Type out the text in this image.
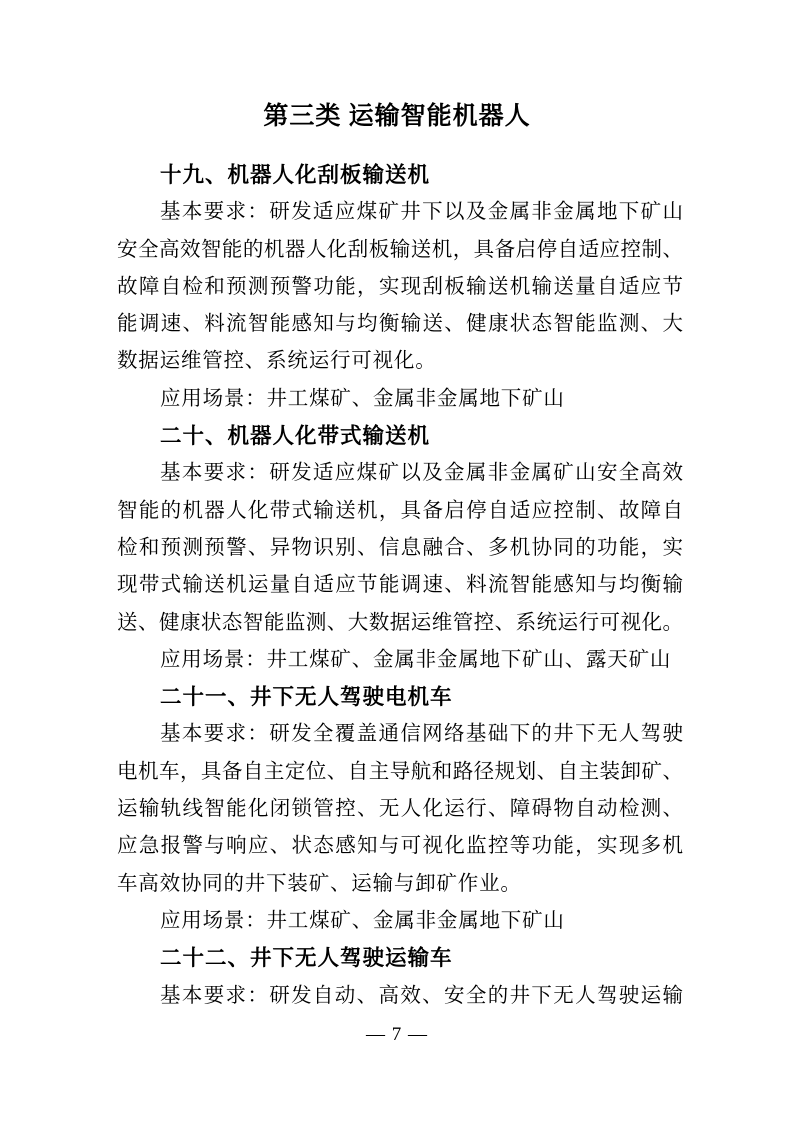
第三类 运输智能机器人
十九、机器人化刮板输送机
基本要求：研发适应煤矿井下以及金属非金属地下矿山
安全高效智能的机器人化刮板输送机，具备启停自适应控制、
故障自检和预测预警功能，实现刮板输送机输送量自适应节
能调速、料流智能感知与均衡输送、健康状态智能监测、大
数据运维管控、系统运行可视化。
应用场景：井工煤矿、金属非金属地下矿山
二十、机器人化带式输送机
基本要求：研发适应煤矿以及金属非金属矿山安全高效
智能的机器人化带式输送机，具备启停自适应控制、故障自
检和预测预警、异物识别、信息融合、多机协同的功能，实
现带式输送机运量自适应节能调速、料流智能感知与均衡输
送、健康状态智能监测、大数据运维管控、系统运行可视化。
应用场景：井工煤矿、金属非金属地下矿山、露天矿山
二十一、井下无人驾驶电机车
基本要求：研发全覆盖通信网络基础下的井下无人驾驶
电机车，具备自主定位、自主导航和路径规划、自主装卸矿、
运输轨线智能化闭锁管控、无人化运行、障碍物自动检测、
应急报警与响应、状态感知与可视化监控等功能，实现多机
车高效协同的井下装矿、运输与卸矿作业。
应用场景：井工煤矿、金属非金属地下矿山
二十二、井下无人驾驶运输车
基本要求：研发自动、高效、安全的井下无人驾驶运输
— 7 —
